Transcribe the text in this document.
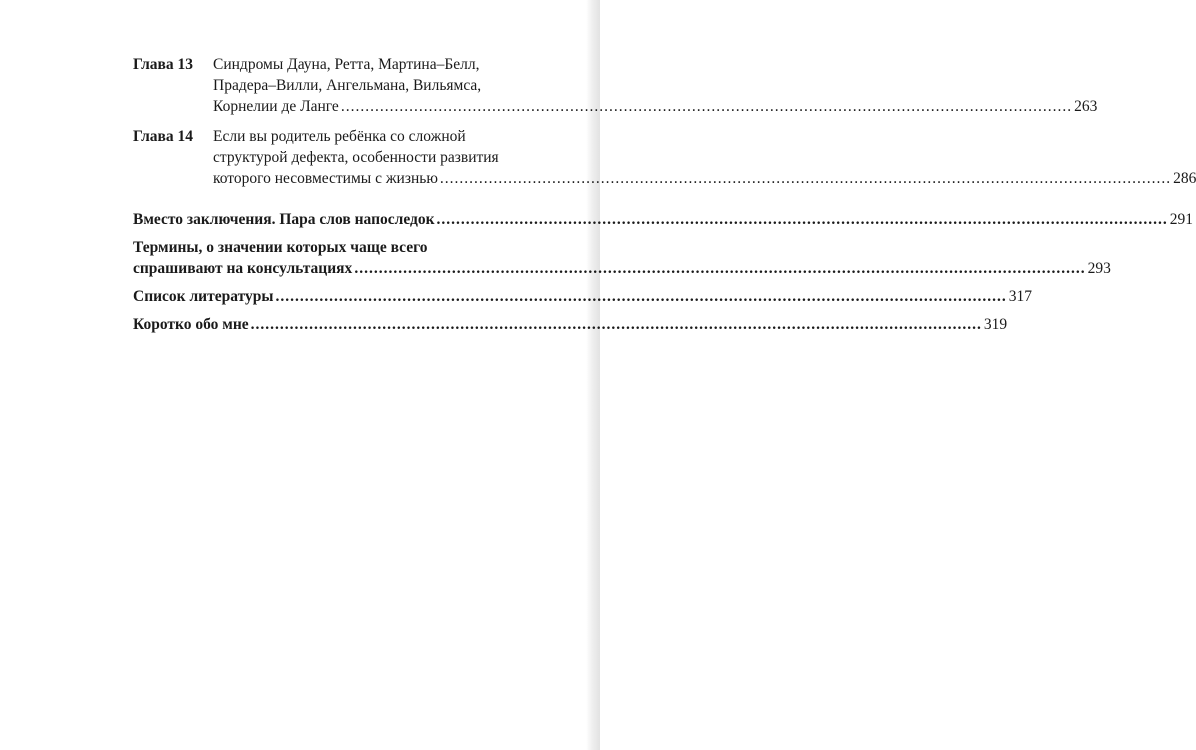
Глава 13	Синдромы Дауна, Ретта, Мартина–Белл,
Прадера–Вилли, Ангельмана, Вильямса,
Корнелии де Ланге .....	263
Глава 14	Если вы родитель ребёнка со сложной
структурой дефекта, особенности развития
которого несовместимы с жизнью .....	286
Вместо заключения. Пара слов напоследок .....	291
Термины, о значении которых чаще всего
спрашивают на консультациях .....	293
Список литературы .....	317
Коротко обо мне .....	319
